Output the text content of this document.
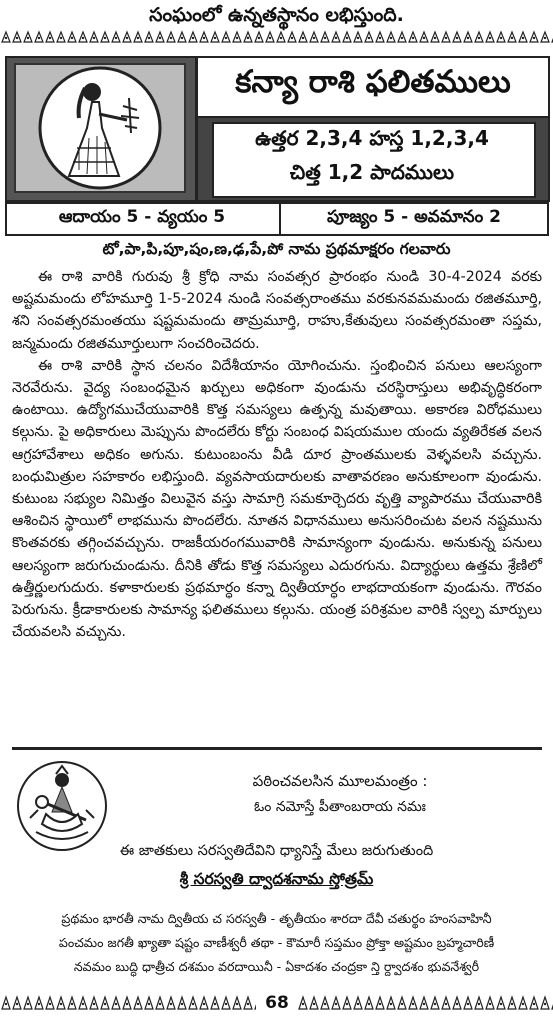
సంఘంలో ఉన్నతస్థానం లభిస్తుంది.
కన్యా రాశి ఫలితములు
ఉత్తర 2,3,4 హస్త 1,2,3,4
చిత్త 1,2 పాదములు
ఆదాయం 5 - వ్యయం 5	పూజ్యం 5 - అవమానం 2
టో,పా,పి,పూ,షం,ణ,ఢ,పే,పో నామ ప్రథమాక్షరం గలవారు

ఈ రాశి వారికి గురువు శ్రీ క్రోధి నామ సంవత్సర ప్రారంభం నుండి 30-4-2024 వరకు అష్టమమందు లోహమూర్తి 1-5-2024 నుండి సంవత్సరాంతము వరకునవమమందు రజితమూర్తి, శని సంవత్సరమంతయు షష్టమమందు తామ్రమూర్తి, రాహు,కేతువులు సంవత్సరమంతా సప్తమ, జన్మమందు రజితమూర్తులుగా సంచరించెదరు.

ఈ రాశి వారికి స్థాన చలనం విదేశీయానం యోగించును. స్తంభించిన పనులు ఆలస్యంగా నెరవేరును. వైద్య సంబంధమైన ఖర్చులు అధికంగా వుండును చరస్థిరాస్తులు అభివృద్ధికరంగా ఉంటాయి. ఉద్యోగముచేయువారికి కొత్త సమస్యలు ఉత్పన్న మవుతాయి. అకారణ విరోధములు కల్గును. పై అధికారులు మెప్పును పొందలేరు కోర్టు సంబంధ విషయముల యందు వ్యతిరేకత వలన ఆగ్రహావేశాలు అధికం అగును. కుటుంబంను వీడి దూర ప్రాంతములకు వెళ్ళవలసి వచ్చును. బంధుమిత్రుల సహకారం లభిస్తుంది. వ్యవసాయదారులకు వాతావరణం అనుకూలంగా వుండును. కుటుంబ సభ్యుల నిమిత్తం విలువైన వస్తు సామాగ్రి సమకూర్చెదరు వృత్తి వ్యాపారము చేయువారికి ఆశించిన స్థాయిలో లాభమును పొందలేరు. నూతన విధానములు అనుసరించుట వలన నష్టమును కొంతవరకు తగ్గించవచ్చును. రాజకీయరంగమువారికి సామాన్యంగా వుండును. అనుకున్న పనులు ఆలస్యంగా జరుగుచుండును. దీనికి తోడు కొత్త సమస్యలు ఎదురగును. విద్యార్థులు ఉత్తమ శ్రేణిలో ఉత్తీర్ణులగుదురు. కళాకారులకు ప్రథమార్ధం కన్నా ద్వితీయార్ధం లాభదాయకంగా వుండును. గౌరవం పెరుగును. క్రీడాకారులకు సామాన్య ఫలితములు కల్గును. యంత్ర పరిశ్రమల వారికి స్వల్ప మార్పులు చేయవలసి వచ్చును.

పఠించవలసిన మూలమంత్రం :
ఓం నమోస్తే పీతాంబరాయ నమః
ఈ జాతకులు సరస్వతిదేవిని ధ్యానిస్తే మేలు జరుగుతుంది
శ్రీ సరస్వతి ద్వాదశనామ స్తోత్రమ్
ప్రథమం భారతీ నామ ద్వితీయ చ సరస్వతీ - తృతీయం శారదా దేవీ చతుర్థం హంసవాహినీ
పంచమం జగతీ ఖ్యాతా షష్టం వాణీశ్వరీ తథా - కౌమారీ సప్తమం ప్రోక్తా అష్టమం బ్రహ్మచారిణీ
నవమం బుద్ధి ధాత్రీచ దశమం వరదాయినీ - ఏకాదశం చంద్రకా న్తి ర్ద్వాదశం భువనేశ్వరీ
68
